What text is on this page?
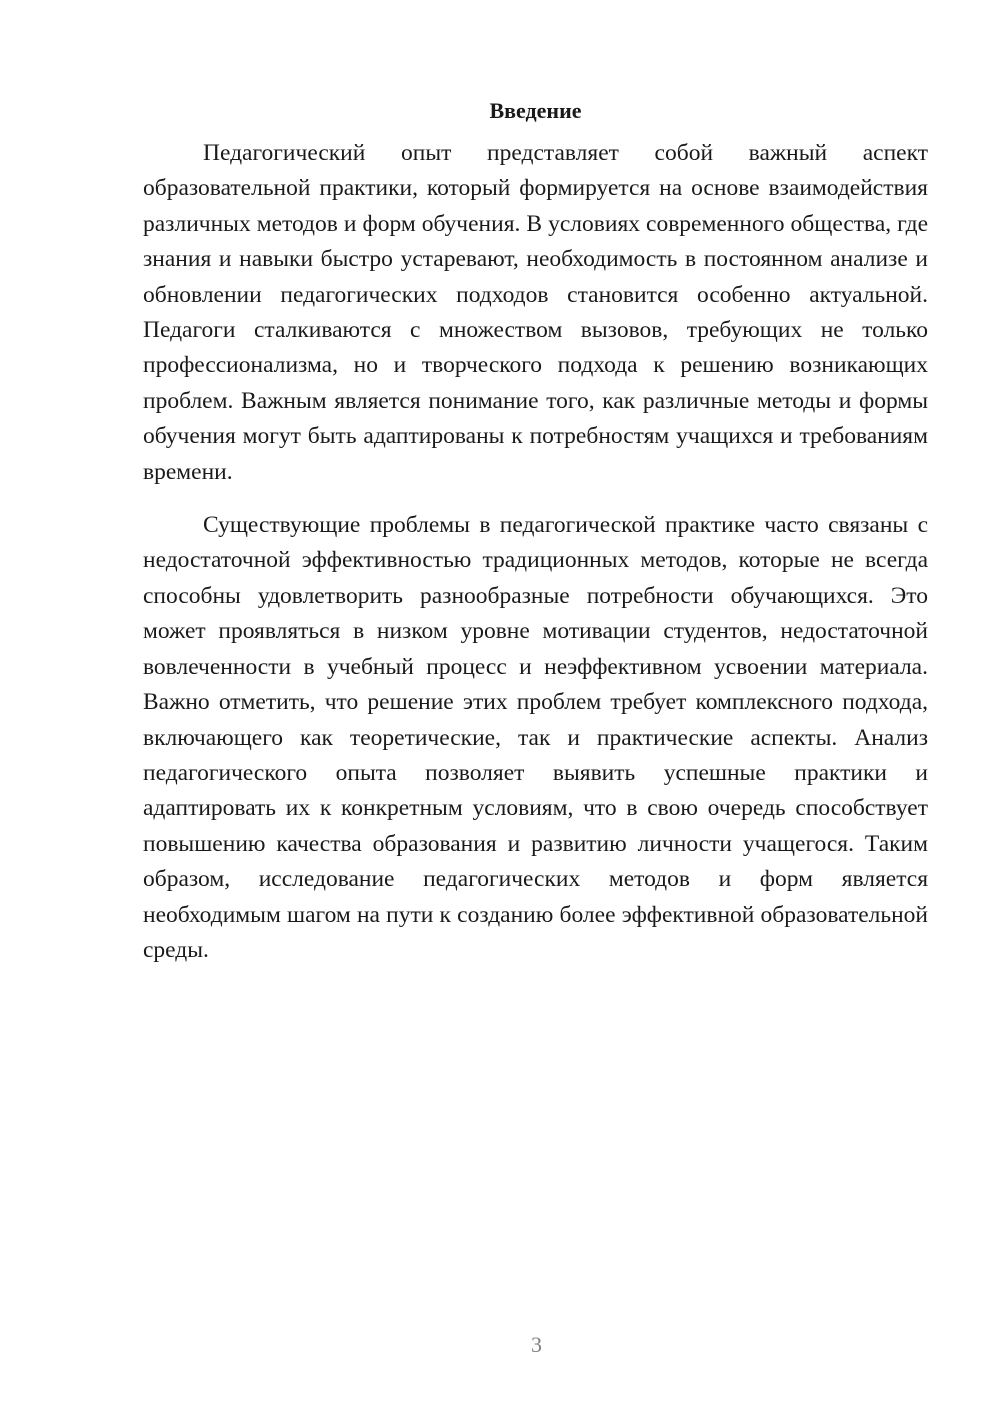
Введение

Педагогический опыт представляет собой важный аспект образовательной практики, который формируется на основе взаимодействия различных методов и форм обучения. В условиях современного общества, где знания и навыки быстро устаревают, необходимость в постоянном анализе и обновлении педагогических подходов становится особенно актуальной. Педагоги сталкиваются с множеством вызовов, требующих не только профессионализма, но и творческого подхода к решению возникающих проблем. Важным является понимание того, как различные методы и формы обучения могут быть адаптированы к потребностям учащихся и требованиям времени.

Существующие проблемы в педагогической практике часто связаны с недостаточной эффективностью традиционных методов, которые не всегда способны удовлетворить разнообразные потребности обучающихся. Это может проявляться в низком уровне мотивации студентов, недостаточной вовлеченности в учебный процесс и неэффективном усвоении материала. Важно отметить, что решение этих проблем требует комплексного подхода, включающего как теоретические, так и практические аспекты. Анализ педагогического опыта позволяет выявить успешные практики и адаптировать их к конкретным условиям, что в свою очередь способствует повышению качества образования и развитию личности учащегося. Таким образом, исследование педагогических методов и форм является необходимым шагом на пути к созданию более эффективной образовательной среды.

3
